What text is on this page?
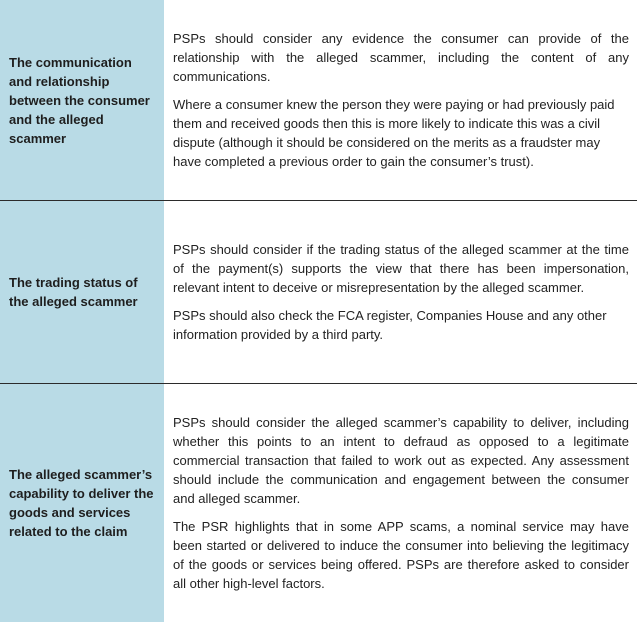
The communication and relationship between the consumer and the alleged scammer

PSPs should consider any evidence the consumer can provide of the relationship with the alleged scammer, including the content of any communications.

Where a consumer knew the person they were paying or had previously paid them and received goods then this is more likely to indicate this was a civil dispute (although it should be considered on the merits as a fraudster may have completed a previous order to gain the consumer’s trust).

The trading status of the alleged scammer

PSPs should consider if the trading status of the alleged scammer at the time of the payment(s) supports the view that there has been impersonation, relevant intent to deceive or misrepresentation by the alleged scammer.

PSPs should also check the FCA register, Companies House and any other information provided by a third party.

The alleged scammer’s capability to deliver the goods and services related to the claim

PSPs should consider the alleged scammer’s capability to deliver, including whether this points to an intent to defraud as opposed to a legitimate commercial transaction that failed to work out as expected. Any assessment should include the communication and engagement between the consumer and alleged scammer.

The PSR highlights that in some APP scams, a nominal service may have been started or delivered to induce the consumer into believing the legitimacy of the goods or services being offered. PSPs are therefore asked to consider all other high-level factors.
